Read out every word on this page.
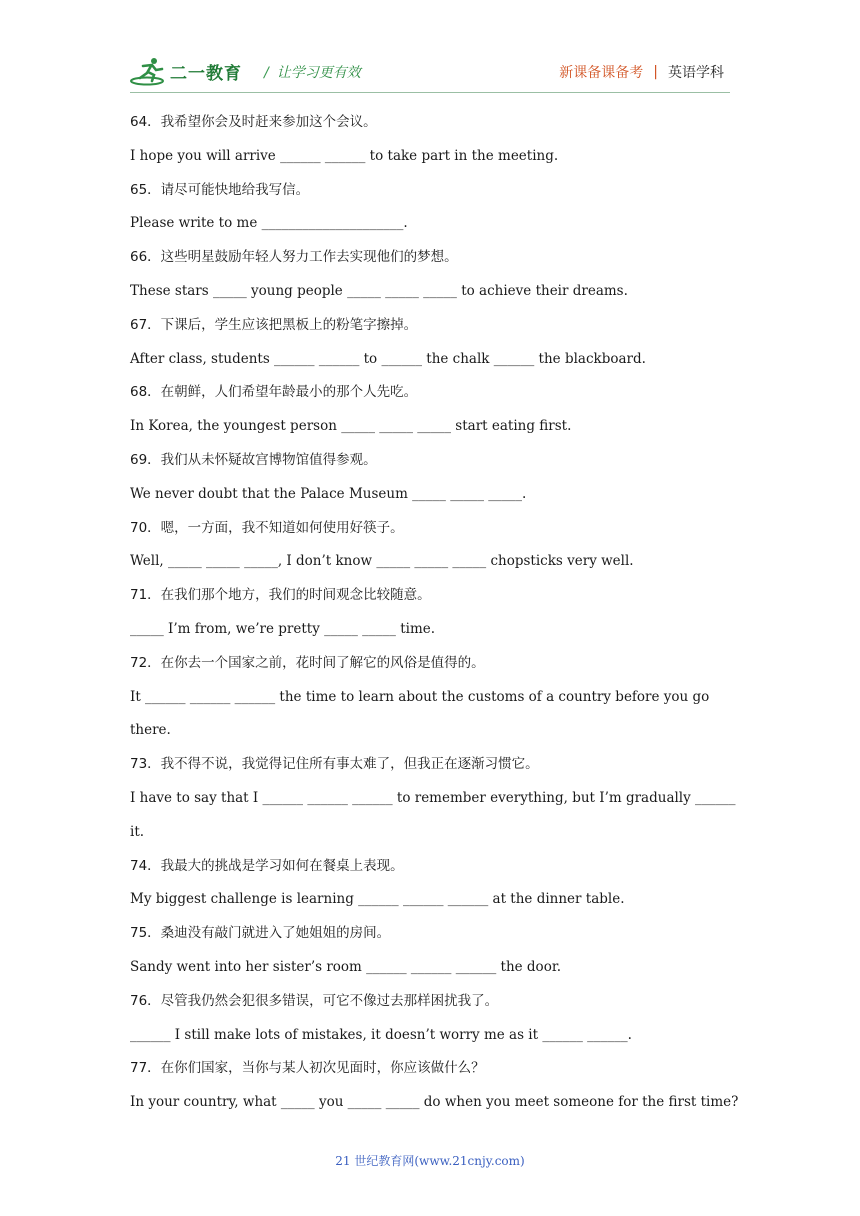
二一教育 / 让学习更有效	新课备课备考 | 英语学科
64．我希望你会及时赶来参加这个会议。
I hope you will arrive ______ ______ to take part in the meeting.
65．请尽可能快地给我写信。
Please write to me _____________________.
66．这些明星鼓励年轻人努力工作去实现他们的梦想。
These stars _____ young people _____ _____ _____ to achieve their dreams.
67．下课后，学生应该把黑板上的粉笔字擦掉。
After class, students ______ ______ to ______ the chalk ______ the blackboard.
68．在朝鲜，人们希望年龄最小的那个人先吃。
In Korea, the youngest person _____ _____ _____ start eating first.
69．我们从未怀疑故宫博物馆值得参观。
We never doubt that the Palace Museum _____ _____ _____.
70．嗯，一方面，我不知道如何使用好筷子。
Well, _____ _____ _____, I don’t know _____ _____ _____ chopsticks very well.
71．在我们那个地方，我们的时间观念比较随意。
_____ I’m from, we’re pretty _____ _____ time.
72．在你去一个国家之前，花时间了解它的风俗是值得的。
It ______ ______ ______ the time to learn about the customs of a country before you go
there.
73．我不得不说，我觉得记住所有事太难了，但我正在逐渐习惯它。
I have to say that I ______ ______ ______ to remember everything, but I’m gradually ______
it.
74．我最大的挑战是学习如何在餐桌上表现。
My biggest challenge is learning ______ ______ ______ at the dinner table.
75．桑迪没有敲门就进入了她姐姐的房间。
Sandy went into her sister’s room ______ ______ ______ the door.
76．尽管我仍然会犯很多错误，可它不像过去那样困扰我了。
______ I still make lots of mistakes, it doesn’t worry me as it ______ ______.
77．在你们国家，当你与某人初次见面时，你应该做什么？
In your country, what _____ you _____ _____ do when you meet someone for the first time?
21 世纪教育网(www.21cnjy.com)
